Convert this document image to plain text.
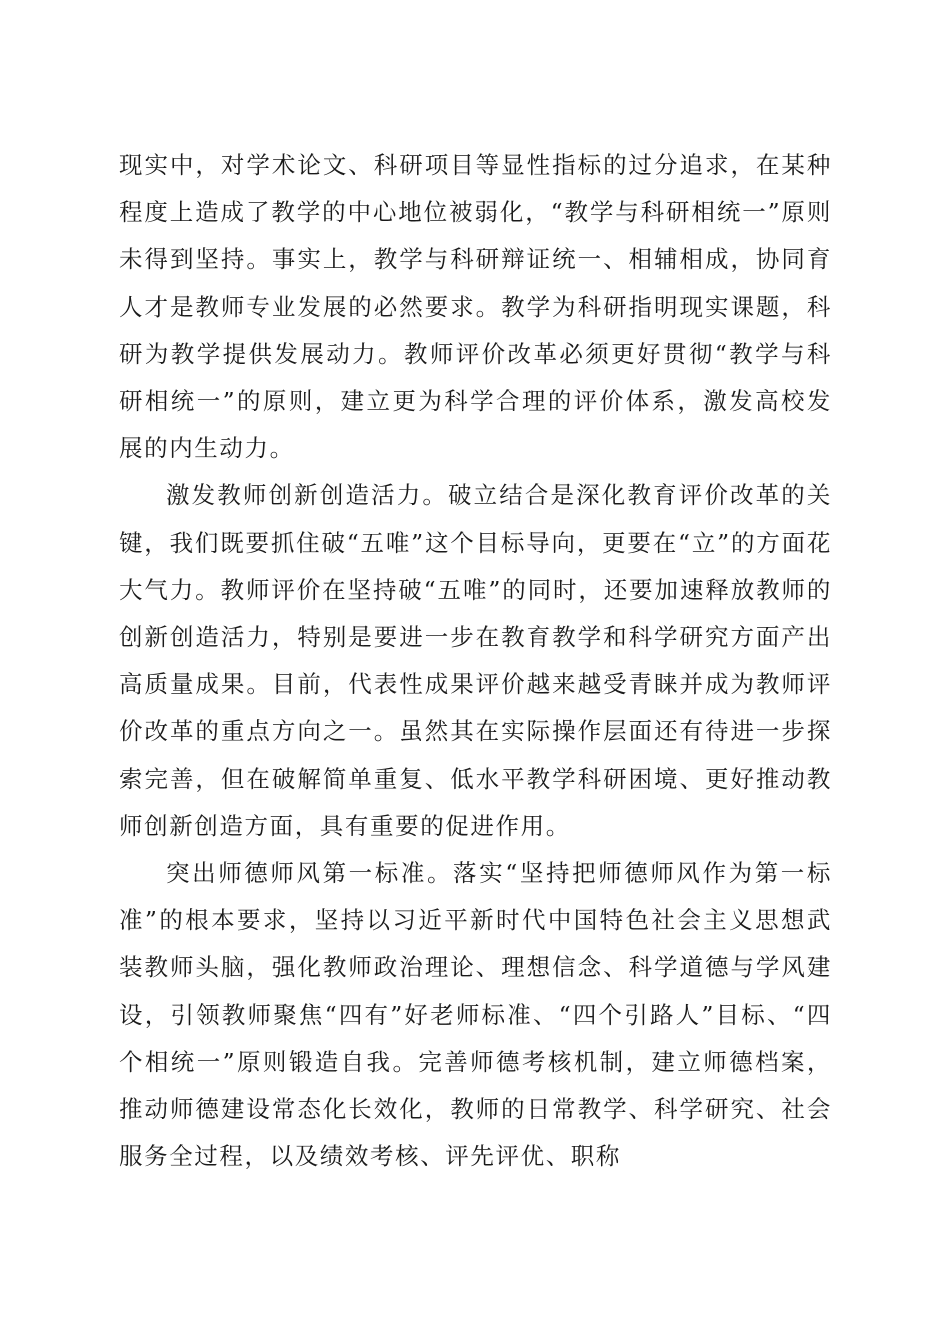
现实中，对学术论文、科研项目等显性指标的过分追求，在某种程度上造成了教学的中心地位被弱化，“教学与科研相统一”原则未得到坚持。事实上，教学与科研辩证统一、相辅相成，协同育人才是教师专业发展的必然要求。教学为科研指明现实课题，科研为教学提供发展动力。教师评价改革必须更好贯彻“教学与科研相统一”的原则，建立更为科学合理的评价体系，激发高校发展的内生动力。

激发教师创新创造活力。破立结合是深化教育评价改革的关键，我们既要抓住破“五唯”这个目标导向，更要在“立”的方面花大气力。教师评价在坚持破“五唯”的同时，还要加速释放教师的创新创造活力，特别是要进一步在教育教学和科学研究方面产出高质量成果。目前，代表性成果评价越来越受青睐并成为教师评价改革的重点方向之一。虽然其在实际操作层面还有待进一步探索完善，但在破解简单重复、低水平教学科研困境、更好推动教师创新创造方面，具有重要的促进作用。

突出师德师风第一标准。落实“坚持把师德师风作为第一标准”的根本要求，坚持以习近平新时代中国特色社会主义思想武装教师头脑，强化教师政治理论、理想信念、科学道德与学风建设，引领教师聚焦“四有”好老师标准、“四个引路人”目标、“四个相统一”原则锻造自我。完善师德考核机制，建立师德档案，推动师德建设常态化长效化，教师的日常教学、科学研究、社会服务全过程，以及绩效考核、评先评优、职称
